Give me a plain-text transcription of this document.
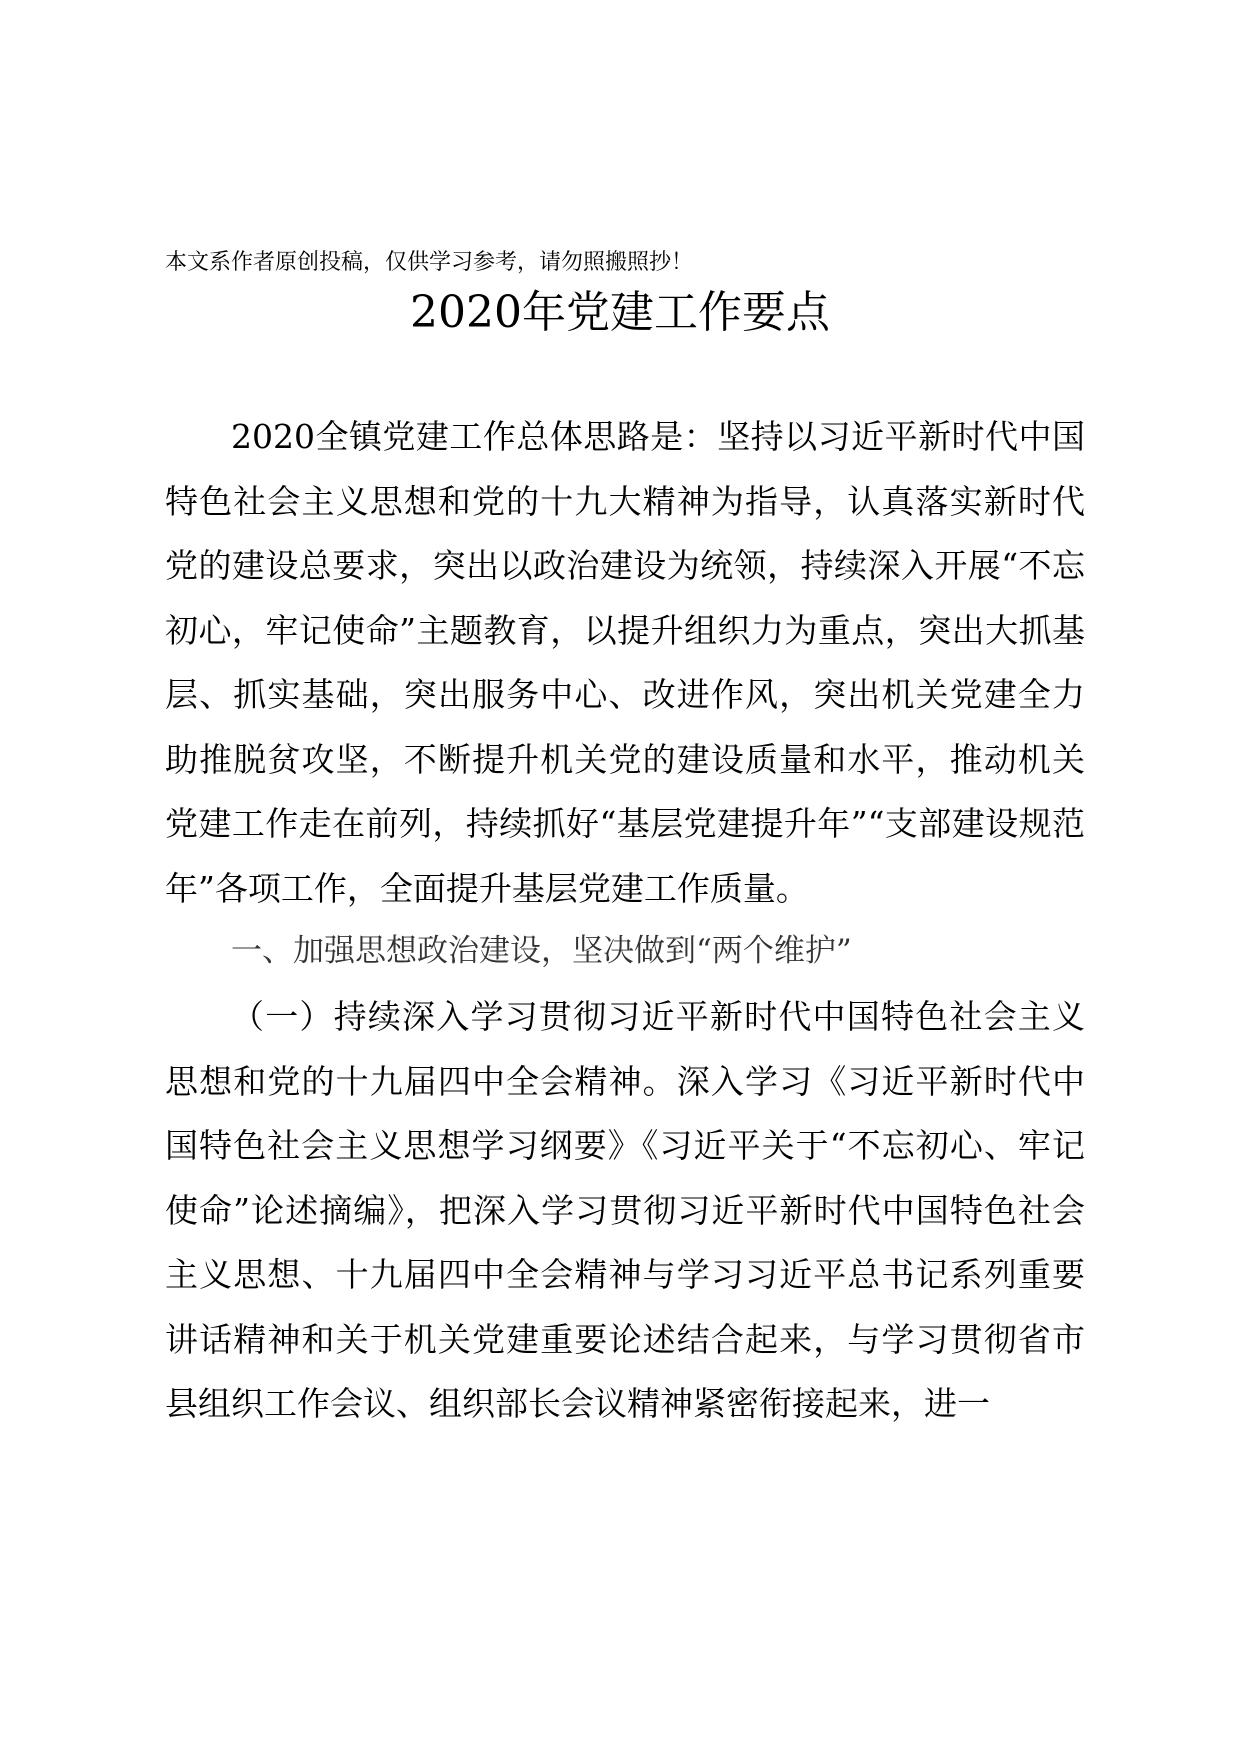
本文系作者原创投稿，仅供学习参考，请勿照搬照抄！
2020年党建工作要点

2020全镇党建工作总体思路是：坚持以习近平新时代中国特色社会主义思想和党的十九大精神为指导，认真落实新时代党的建设总要求，突出以政治建设为统领，持续深入开展“不忘初心，牢记使命”主题教育，以提升组织力为重点，突出大抓基层、抓实基础，突出服务中心、改进作风，突出机关党建全力助推脱贫攻坚，不断提升机关党的建设质量和水平，推动机关党建工作走在前列，持续抓好“基层党建提升年”“支部建设规范年”各项工作，全面提升基层党建工作质量。

一、加强思想政治建设，坚决做到“两个维护”

（一）持续深入学习贯彻习近平新时代中国特色社会主义思想和党的十九届四中全会精神。深入学习《习近平新时代中国特色社会主义思想学习纲要》《习近平关于“不忘初心、牢记使命”论述摘编》，把深入学习贯彻习近平新时代中国特色社会主义思想、十九届四中全会精神与学习习近平总书记系列重要讲话精神和关于机关党建重要论述结合起来，与学习贯彻省市县组织工作会议、组织部长会议精神紧密衔接起来，进一
